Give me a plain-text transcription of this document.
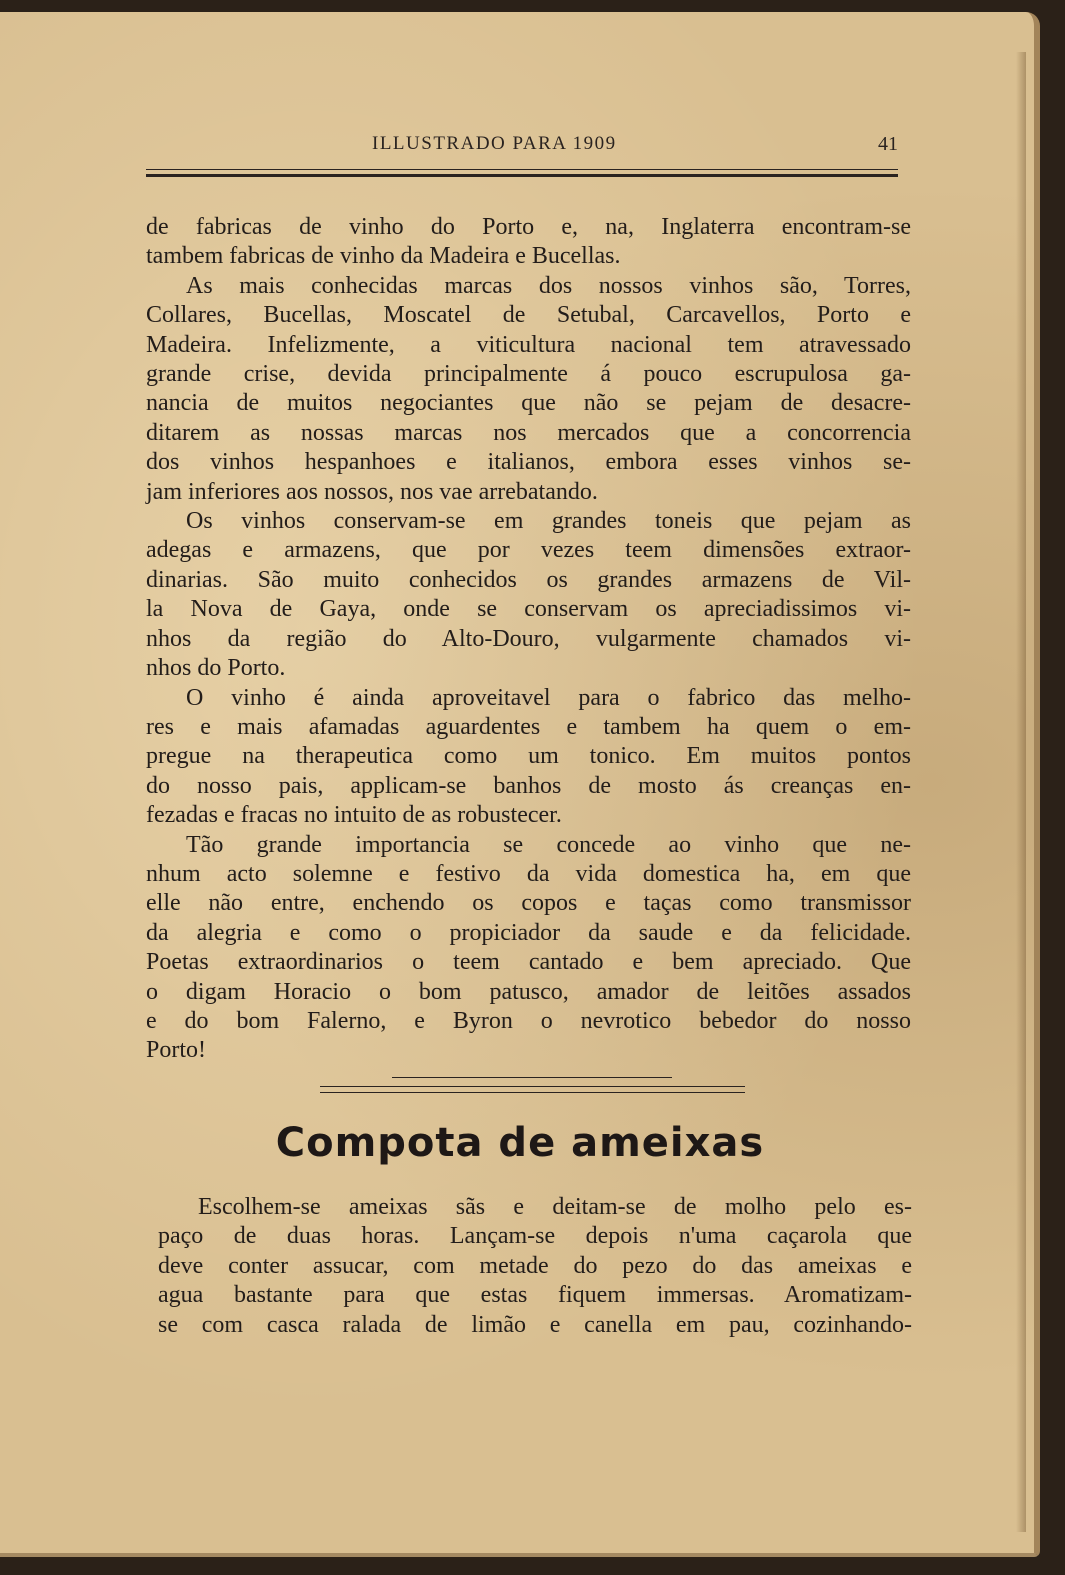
ILLUSTRADO PARA 1909	41
de fabricas de vinho do Porto e, na, Inglaterra encontram-se
tambem fabricas de vinho da Madeira e Bucellas.
As mais conhecidas marcas dos nossos vinhos são, Torres,
Collares, Bucellas, Moscatel de Setubal, Carcavellos, Porto e
Madeira. Infelizmente, a viticultura nacional tem atravessado
grande crise, devida principalmente á pouco escrupulosa ga-
nancia de muitos negociantes que não se pejam de desacre-
ditarem as nossas marcas nos mercados que a concorrencia
dos vinhos hespanhoes e italianos, embora esses vinhos se-
jam inferiores aos nossos, nos vae arrebatando.
Os vinhos conservam-se em grandes toneis que pejam as
adegas e armazens, que por vezes teem dimensões extraor-
dinarias. São muito conhecidos os grandes armazens de Vil-
la Nova de Gaya, onde se conservam os apreciadissimos vi-
nhos da região do Alto-Douro, vulgarmente chamados vi-
nhos do Porto.
O vinho é ainda aproveitavel para o fabrico das melho-
res e mais afamadas aguardentes e tambem ha quem o em-
pregue na therapeutica como um tonico. Em muitos pontos
do nosso pais, applicam-se banhos de mosto ás creanças en-
fezadas e fracas no intuito de as robustecer.
Tão grande importancia se concede ao vinho que ne-
nhum acto solemne e festivo da vida domestica ha, em que
elle não entre, enchendo os copos e taças como transmissor
da alegria e como o propiciador da saude e da felicidade.
Poetas extraordinarios o teem cantado e bem apreciado. Que
o digam Horacio o bom patusco, amador de leitões assados
e do bom Falerno, e Byron o nevrotico bebedor do nosso
Porto!
Compota de ameixas
Escolhem-se ameixas sãs e deitam-se de molho pelo es-
paço de duas horas. Lançam-se depois n'uma caçarola que
deve conter assucar, com metade do pezo do das ameixas e
agua bastante para que estas fiquem immersas. Aromatizam-
se com casca ralada de limão e canella em pau, cozinhando-
